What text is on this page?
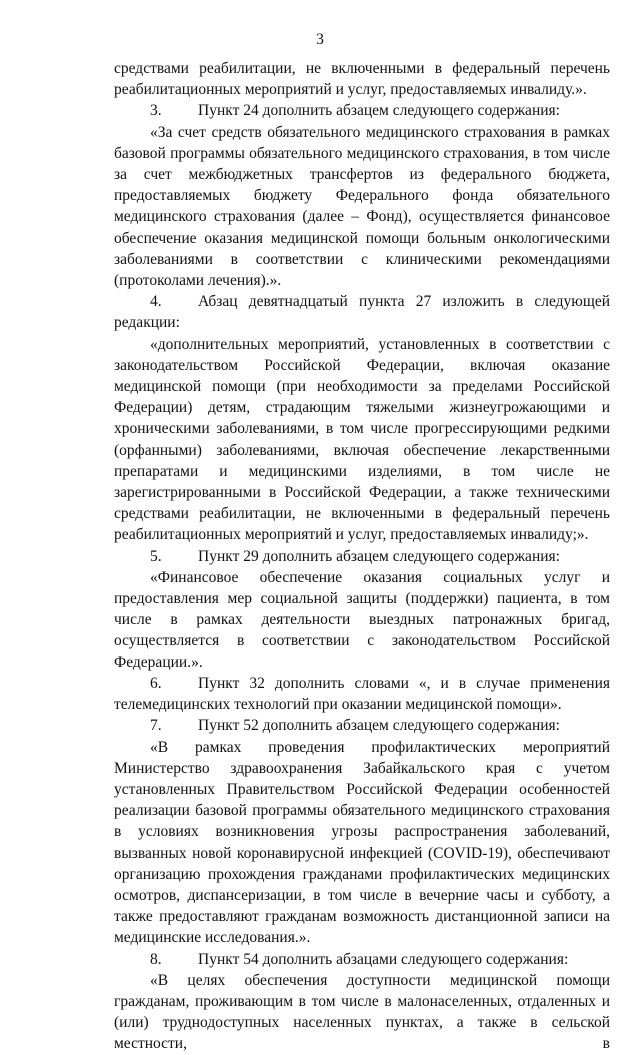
3

средствами реабилитации, не включенными в федеральный перечень

реабилитационных мероприятий и услуг, предоставляемых инвалиду.».

3. Пункт 24 дополнить абзацем следующего содержания:

«За счет средств обязательного медицинского страхования в рамках базовой программы обязательного медицинского страхования, в том числе за счет межбюджетных трансфертов из федерального бюджета, предоставляемых бюджету Федерального фонда обязательного медицинского страхования (далее – Фонд), осуществляется финансовое обеспечение оказания медицинской помощи больным онкологическими заболеваниями в соответствии с клиническими рекомендациями (протоколами лечения).».

4. Абзац девятнадцатый пункта 27 изложить в следующей редакции:

«дополнительных мероприятий, установленных в соответствии с законодательством Российской Федерации, включая оказание медицинской помощи (при необходимости за пределами Российской Федерации) детям, страдающим тяжелыми жизнеугрожающими и хроническими заболеваниями, в том числе прогрессирующими редкими (орфанными) заболеваниями, включая обеспечение лекарственными препаратами и медицинскими изделиями, в том числе не зарегистрированными в Российской Федерации, а также техническими средствами реабилитации, не включенными в федеральный перечень реабилитационных мероприятий и услуг, предоставляемых инвалиду;».

5. Пункт 29 дополнить абзацем следующего содержания:

«Финансовое обеспечение оказания социальных услуг и предоставления мер социальной защиты (поддержки) пациента, в том числе в рамках деятельности выездных патронажных бригад, осуществляется в соответствии с законодательством Российской Федерации.».

6. Пункт 32 дополнить словами «, и в случае применения телемедицинских технологий при оказании медицинской помощи».

7. Пункт 52 дополнить абзацем следующего содержания:

«В рамках проведения профилактических мероприятий Министерство здравоохранения Забайкальского края с учетом установленных Правительством Российской Федерации особенностей реализации базовой программы обязательного медицинского страхования в условиях возникновения угрозы распространения заболеваний, вызванных новой коронавирусной инфекцией (COVID-19), обеспечивают организацию прохождения гражданами профилактических медицинских осмотров, диспансеризации, в том числе в вечерние часы и субботу, а также предоставляют гражданам возможность дистанционной записи на медицинские исследования.».

8. Пункт 54 дополнить абзацами следующего содержания:

«В целях обеспечения доступности медицинской помощи гражданам, проживающим в том числе в малонаселенных, отдаленных и (или) труднодоступных населенных пунктах, а также в сельской местности, в
